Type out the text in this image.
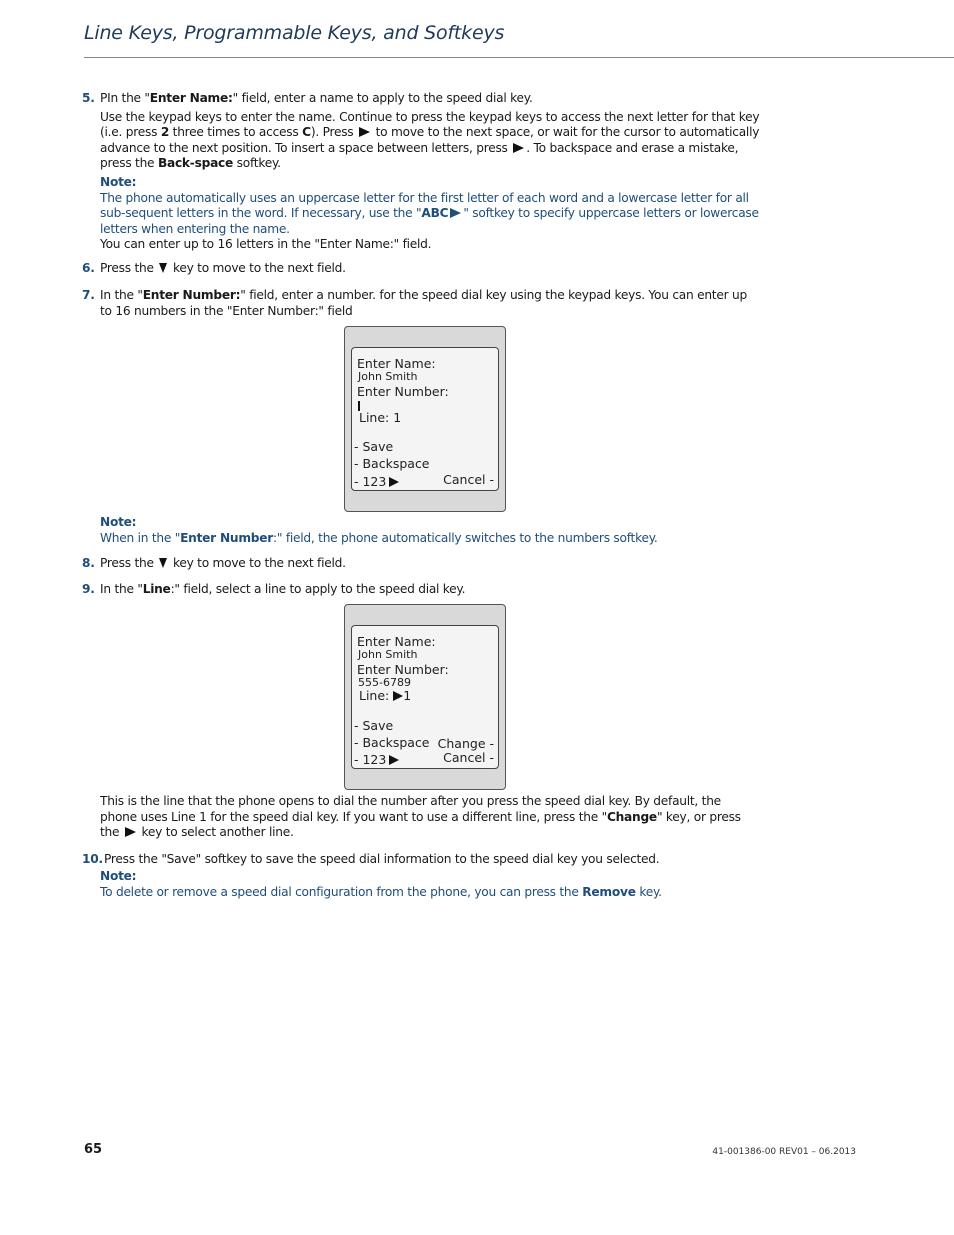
Line Keys, Programmable Keys, and Softkeys
5. PIn the "Enter Name:" field, enter a name to apply to the speed dial key.

Use the keypad keys to enter the name. Continue to press the keypad keys to access the next letter for that key (i.e. press 2 three times to access C). Press  to move to the next space, or wait for the cursor to automatically advance to the next position. To insert a space between letters, press . To backspace and erase a mistake, press the Back-space softkey.

Note:

The phone automatically uses an uppercase letter for the first letter of each word and a lowercase letter for all sub-sequent letters in the word. If necessary, use the "ABC " softkey to specify uppercase letters or lowercase letters when entering the name.

You can enter up to 16 letters in the "Enter Name:" field.

6. Press the  key to move to the next field.

7. In the "Enter Number:" field, enter a number. for the speed dial key using the keypad keys. You can enter up to 16 numbers in the "Enter Number:" field

Enter Name:
John Smith
Enter Number:
Line: 1
- Save
- Backspace
- 123	Cancel -

Note:

When in the "Enter Number:" field, the phone automatically switches to the numbers softkey.

8. Press the  key to move to the next field.

9. In the "Line:" field, select a line to apply to the speed dial key.

Enter Name:
John Smith
Enter Number:
555-6789
Line: 1
- Save
- Backspace
- 123
Change -
Cancel -

This is the line that the phone opens to dial the number after you press the speed dial key. By default, the phone uses Line 1 for the speed dial key. If you want to use a different line, press the "Change" key, or press the  key to select another line.

10. Press the "Save" softkey to save the speed dial information to the speed dial key you selected.

Note:

To delete or remove a speed dial configuration from the phone, you can press the Remove key.

65	41-001386-00 REV01 – 06.2013
